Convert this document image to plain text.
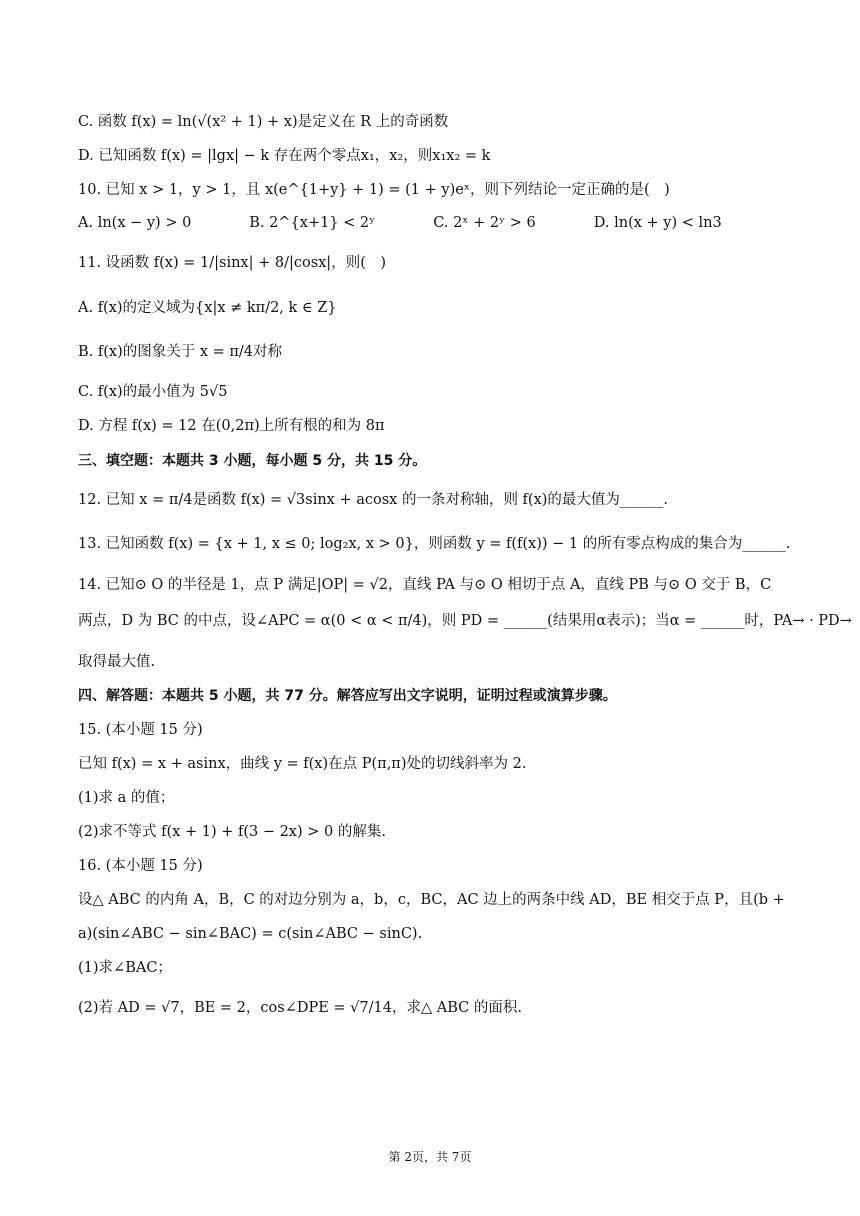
C. 函数 f(x) = ln(√(x² + 1) + x)是定义在 R 上的奇函数
D. 已知函数 f(x) = |lgx| − k 存在两个零点x₁，x₂，则x₁x₂ = k
10. 已知 x > 1，y > 1，且 x(e^{1+y} + 1) = (1 + y)eˣ，则下列结论一定正确的是(　)
A. ln(x − y) > 0　　　　B. 2^{x+1} < 2ʸ　　　　C. 2ˣ + 2ʸ > 6　　　　D. ln(x + y) < ln3
11. 设函数 f(x) = 1/|sinx| + 8/|cosx|，则(　)
A. f(x)的定义域为{x|x ≠ kπ/2, k ∈ Z}
B. f(x)的图象关于 x = π/4对称
C. f(x)的最小值为 5√5
D. 方程 f(x) = 12 在(0,2π)上所有根的和为 8π
三、填空题：本题共 3 小题，每小题 5 分，共 15 分。
12. 已知 x = π/4是函数 f(x) = √3sinx + acosx 的一条对称轴，则 f(x)的最大值为______.
13. 已知函数 f(x) = {x + 1, x ≤ 0; log₂x, x > 0}，则函数 y = f(f(x)) − 1 的所有零点构成的集合为______.
14. 已知⊙ O 的半径是 1，点 P 满足|OP| = √2，直线 PA 与⊙ O 相切于点 A，直线 PB 与⊙ O 交于 B，C
两点，D 为 BC 的中点，设∠APC = α(0 < α < π/4)，则 PD = ______(结果用α表示)；当α = ______时，PA→ · PD→
取得最大值.
四、解答题：本题共 5 小题，共 77 分。解答应写出文字说明，证明过程或演算步骤。
15. (本小题 15 分)
已知 f(x) = x + asinx，曲线 y = f(x)在点 P(π,π)处的切线斜率为 2.
(1)求 a 的值；
(2)求不等式 f(x + 1) + f(3 − 2x) > 0 的解集.
16. (本小题 15 分)
设△ ABC 的内角 A，B，C 的对边分别为 a，b，c，BC，AC 边上的两条中线 AD，BE 相交于点 P，且(b +
a)(sin∠ABC − sin∠BAC) = c(sin∠ABC − sinC).
(1)求∠BAC；
(2)若 AD = √7，BE = 2，cos∠DPE = √7/14，求△ ABC 的面积.
第 2页，共 7页
